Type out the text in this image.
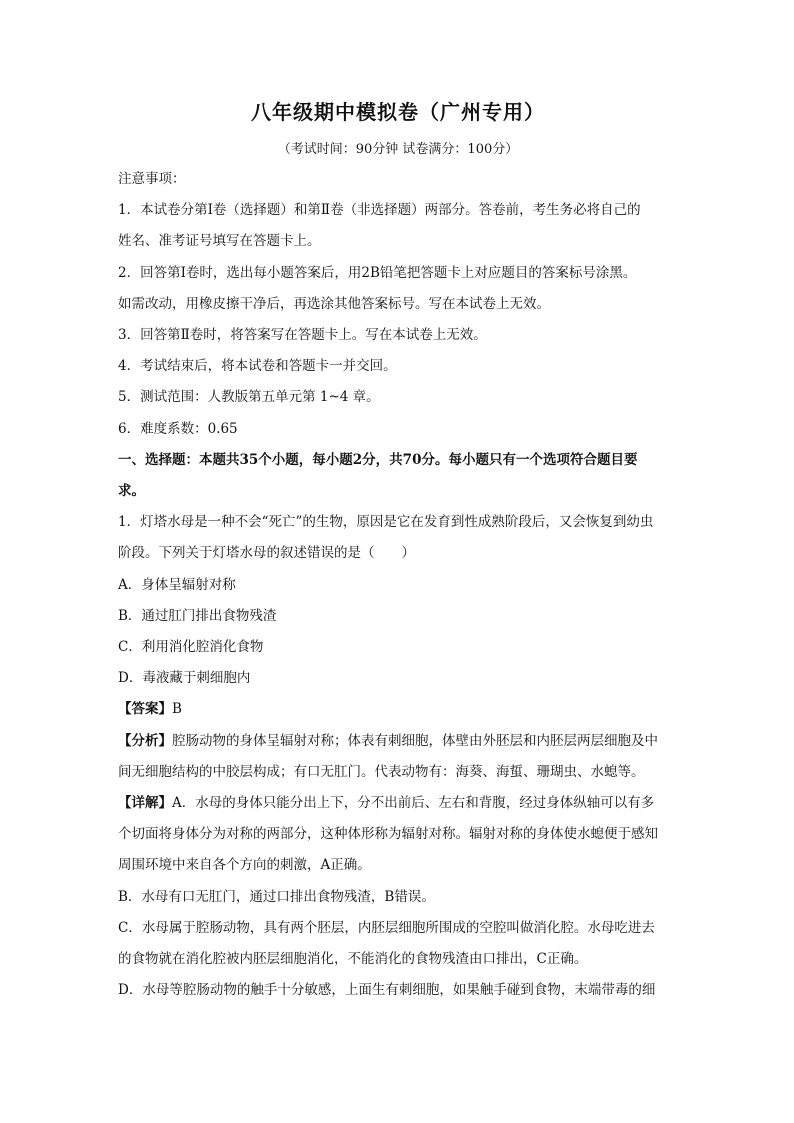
八年级期中模拟卷（广州专用）
（考试时间：90分钟 试卷满分：100分）

注意事项：

1．本试卷分第Ⅰ卷（选择题）和第Ⅱ卷（非选择题）两部分。答卷前，考生务必将自己的

姓名、准考证号填写在答题卡上。

2．回答第Ⅰ卷时，选出每小题答案后，用2B铅笔把答题卡上对应题目的答案标号涂黑。

如需改动，用橡皮擦干净后，再选涂其他答案标号。写在本试卷上无效。

3．回答第Ⅱ卷时，将答案写在答题卡上。写在本试卷上无效。

4．考试结束后，将本试卷和答题卡一并交回。

5．测试范围：人教版第五单元第 1~4 章。

6．难度系数：0.65

一、选择题：本题共35个小题，每小题2分，共70分。每小题只有一个选项符合题目要

求。

1．灯塔水母是一种不会“死亡”的生物，原因是它在发育到性成熟阶段后，又会恢复到幼虫

阶段。下列关于灯塔水母的叙述错误的是（　　）

A．身体呈辐射对称

B．通过肛门排出食物残渣

C．利用消化腔消化食物

D．毒液藏于刺细胞内

【答案】B

【分析】腔肠动物的身体呈辐射对称；体表有刺细胞，体壁由外胚层和内胚层两层细胞及中

间无细胞结构的中胶层构成；有口无肛门。代表动物有：海葵、海蜇、珊瑚虫、水螅等。

【详解】A．水母的身体只能分出上下，分不出前后、左右和背腹，经过身体纵轴可以有多

个切面将身体分为对称的两部分，这种体形称为辐射对称。辐射对称的身体使水螅便于感知

周围环境中来自各个方向的刺激，A正确。

B．水母有口无肛门，通过口排出食物残渣，B错误。

C．水母属于腔肠动物，具有两个胚层，内胚层细胞所围成的空腔叫做消化腔。水母吃进去

的食物就在消化腔被内胚层细胞消化，不能消化的食物残渣由口排出，C正确。

D．水母等腔肠动物的触手十分敏感，上面生有刺细胞，如果触手碰到食物，末端带毒的细
